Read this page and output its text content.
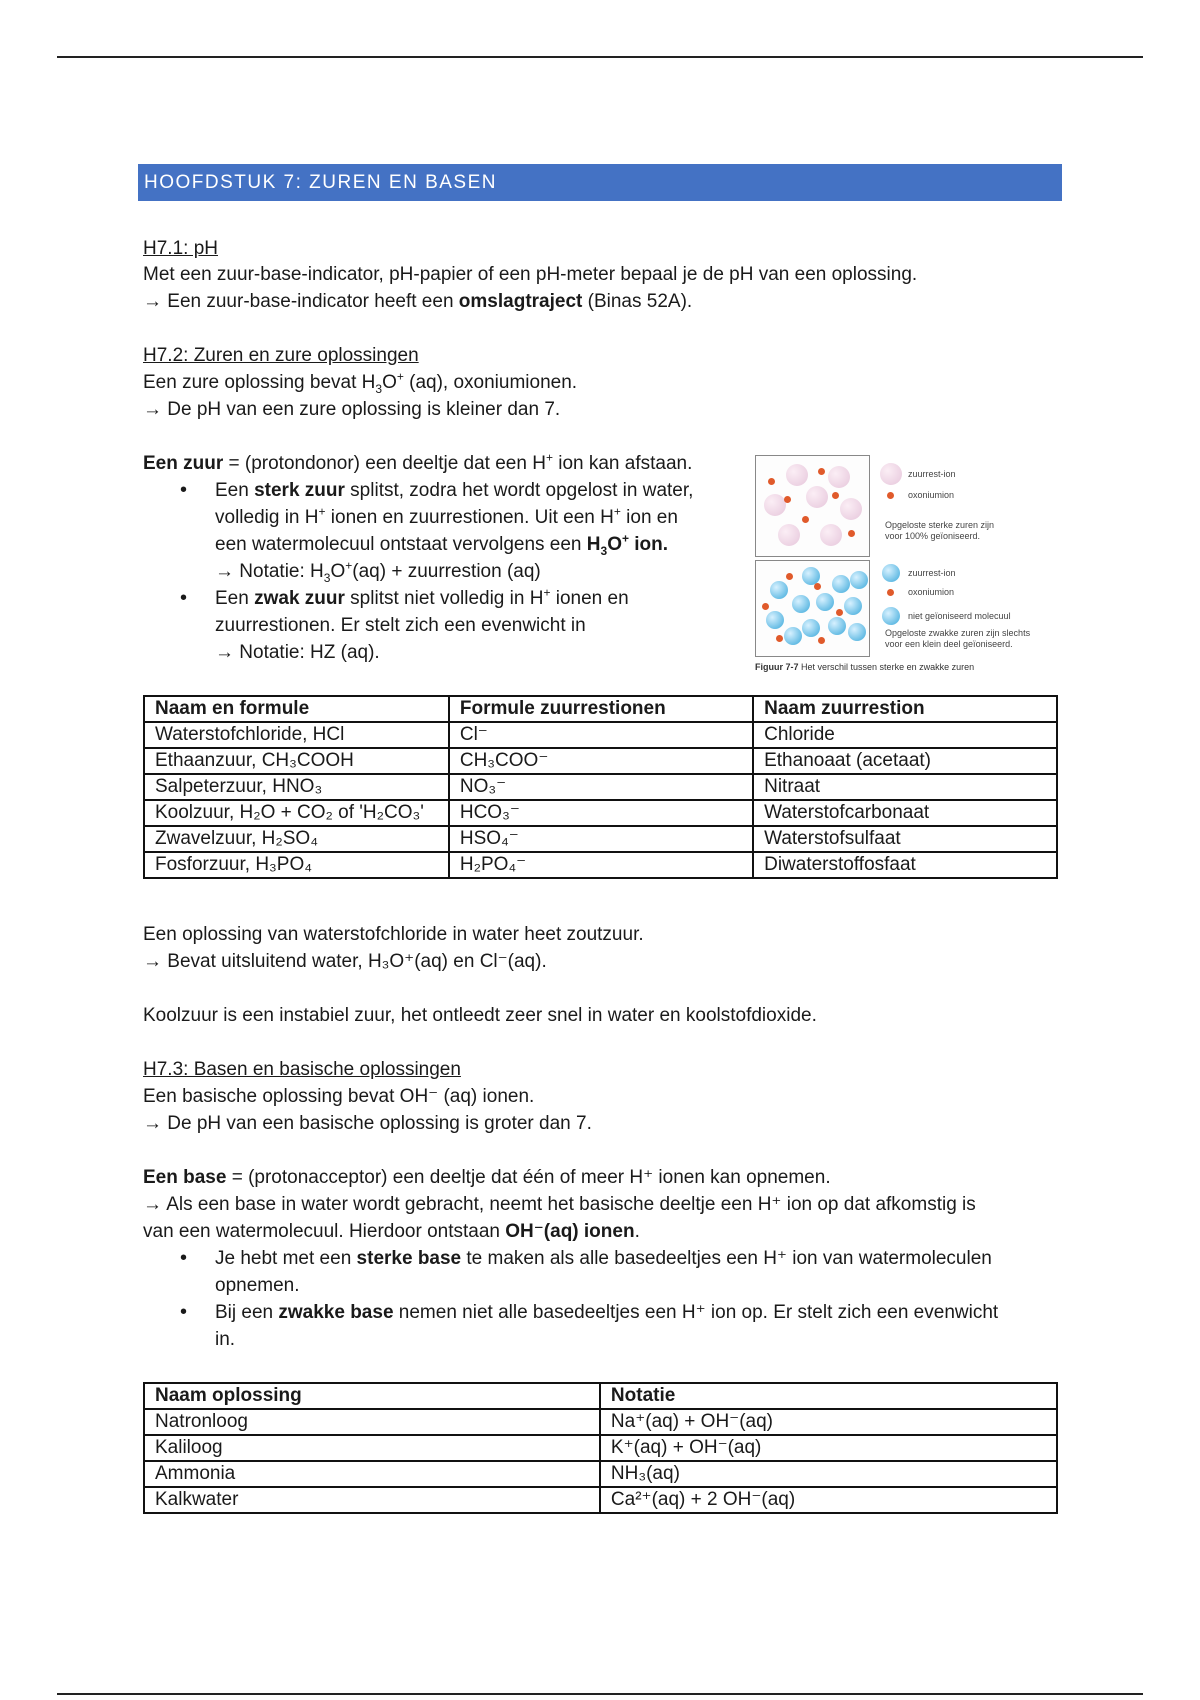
HOOFDSTUK 7: ZUREN EN BASEN
H7.1: pH
Met een zuur-base-indicator, pH-papier of een pH-meter bepaal je de pH van een oplossing.
→ Een zuur-base-indicator heeft een omslagtraject (Binas 52A).
H7.2: Zuren en zure oplossingen
Een zure oplossing bevat $H_3O^+$ (aq), oxoniumionen.
→ De pH van een zure oplossing is kleiner dan 7.
Een zuur = (protondonor) een deeltje dat een H+ ion kan afstaan.
• Een sterk zuur splitst, zodra het wordt opgelost in water,
volledig in H+ ionen en zuurrestionen. Uit een H+ ion en
een watermolecuul ontstaat vervolgens een $H_3O^+$ ion.
→ Notatie: $H_3O^+(aq)$ + zuurrestion (aq)
• Een zwak zuur splitst niet volledig in H+ ionen en
zuurrestionen. Er stelt zich een evenwicht in
→ Notatie: HZ (aq).
zuurrest-ion
oxoniumion
Opgeloste sterke zuren zijn
voor 100% geïoniseerd.
zuurrest-ion
oxoniumion
niet geïoniseerd molecuul
Opgeloste zwakke zuren zijn slechts
voor een klein deel geïoniseerd.
Figuur 7-7 Het verschil tussen sterke en zwakke zuren
Naam en formule	Formule zuurrestionen	Naam zuurrestion
Waterstofchloride, HCl	Cl⁻	Chloride
Ethaanzuur, CH₃COOH	CH₃COO⁻	Ethanoaat (acetaat)
Salpeterzuur, HNO₃	NO₃⁻	Nitraat
Koolzuur, H₂O + CO₂ of 'H₂CO₃'	HCO₃⁻	Waterstofcarbonaat
Zwavelzuur, H₂SO₄	HSO₄⁻	Waterstofsulfaat
Fosforzuur, H₃PO₄	H₂PO₄⁻	Diwaterstoffosfaat
Een oplossing van waterstofchloride in water heet zoutzuur.
→ Bevat uitsluitend water, H₃O⁺(aq) en Cl⁻(aq).
Koolzuur is een instabiel zuur, het ontleedt zeer snel in water en koolstofdioxide.
H7.3: Basen en basische oplossingen
Een basische oplossing bevat OH⁻ (aq) ionen.
→ De pH van een basische oplossing is groter dan 7.
Een base = (protonacceptor) een deeltje dat één of meer H⁺ ionen kan opnemen.
→ Als een base in water wordt gebracht, neemt het basische deeltje een H⁺ ion op dat afkomstig is
van een watermolecuul. Hierdoor ontstaan OH⁻(aq) ionen.
• Je hebt met een sterke base te maken als alle basedeeltjes een H⁺ ion van watermoleculen
opnemen.
• Bij een zwakke base nemen niet alle basedeeltjes een H⁺ ion op. Er stelt zich een evenwicht
in.
Naam oplossing	Notatie
Natronloog	Na⁺(aq) + OH⁻(aq)
Kaliloog	K⁺(aq) + OH⁻(aq)
Ammonia	NH₃(aq)
Kalkwater	Ca²⁺(aq) + 2 OH⁻(aq)
